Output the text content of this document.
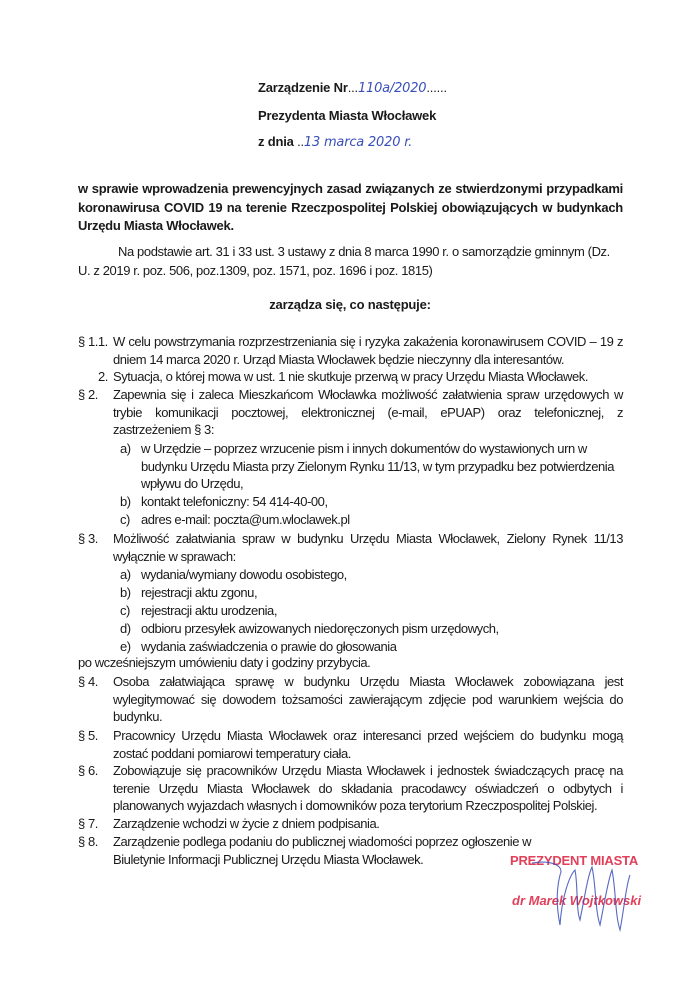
Zarządzenie Nr...110a/2020......
Prezydenta Miasta Włocławek
z dnia ..13 marca 2020 r.
w sprawie wprowadzenia prewencyjnych zasad związanych ze stwierdzonymi przypadkami koronawirusa COVID 19 na terenie Rzeczpospolitej Polskiej obowiązujących w budynkach Urzędu Miasta Włocławek.
Na podstawie art. 31 i 33 ust. 3 ustawy z dnia 8 marca 1990 r. o samorządzie gminnym (Dz. U. z 2019 r. poz. 506, poz.1309, poz. 1571, poz. 1696 i poz. 1815)
zarządza się, co następuje:
§ 1.1. W celu powstrzymania rozprzestrzeniania się i ryzyka zakażenia koronawirusem COVID – 19 z dniem 14 marca 2020 r. Urząd Miasta Włocławek będzie nieczynny dla interesantów.
2. Sytuacja, o której mowa w ust. 1 nie skutkuje przerwą w pracy Urzędu Miasta Włocławek.
§ 2. Zapewnia się i zaleca Mieszkańcom Włocławka możliwość załatwienia spraw urzędowych w trybie komunikacji pocztowej, elektronicznej (e-mail, ePUAP) oraz telefonicznej, z zastrzeżeniem § 3:
a) w Urzędzie – poprzez wrzucenie pism i innych dokumentów do wystawionych urn w budynku Urzędu Miasta przy Zielonym Rynku 11/13, w tym przypadku bez potwierdzenia wpływu do Urzędu,
b) kontakt telefoniczny: 54 414-40-00,
c) adres e-mail: poczta@um.wloclawek.pl
§ 3. Możliwość załatwiania spraw w budynku Urzędu Miasta Włocławek, Zielony Rynek 11/13 wyłącznie w sprawach:
a) wydania/wymiany dowodu osobistego,
b) rejestracji aktu zgonu,
c) rejestracji aktu urodzenia,
d) odbioru przesyłek awizowanych niedoręczonych pism urzędowych,
e) wydania zaświadczenia o prawie do głosowania
po wcześniejszym umówieniu daty i godziny przybycia.
§ 4. Osoba załatwiająca sprawę w budynku Urzędu Miasta Włocławek zobowiązana jest wylegitymować się dowodem tożsamości zawierającym zdjęcie pod warunkiem wejścia do budynku.
§ 5. Pracownicy Urzędu Miasta Włocławek oraz interesanci przed wejściem do budynku mogą zostać poddani pomiarowi temperatury ciała.
§ 6. Zobowiązuje się pracowników Urzędu Miasta Włocławek i jednostek świadczących pracę na terenie Urzędu Miasta Włocławek do składania pracodawcy oświadczeń o odbytych i planowanych wyjazdach własnych i domowników poza terytorium Rzeczpospolitej Polskiej.
§ 7. Zarządzenie wchodzi w życie z dniem podpisania.
§ 8. Zarządzenie podlega podaniu do publicznej wiadomości poprzez ogłoszenie w Biuletynie Informacji Publicznej Urzędu Miasta Włocławek.	PREZYDENT MIASTA
dr Marek Wojtkowski
